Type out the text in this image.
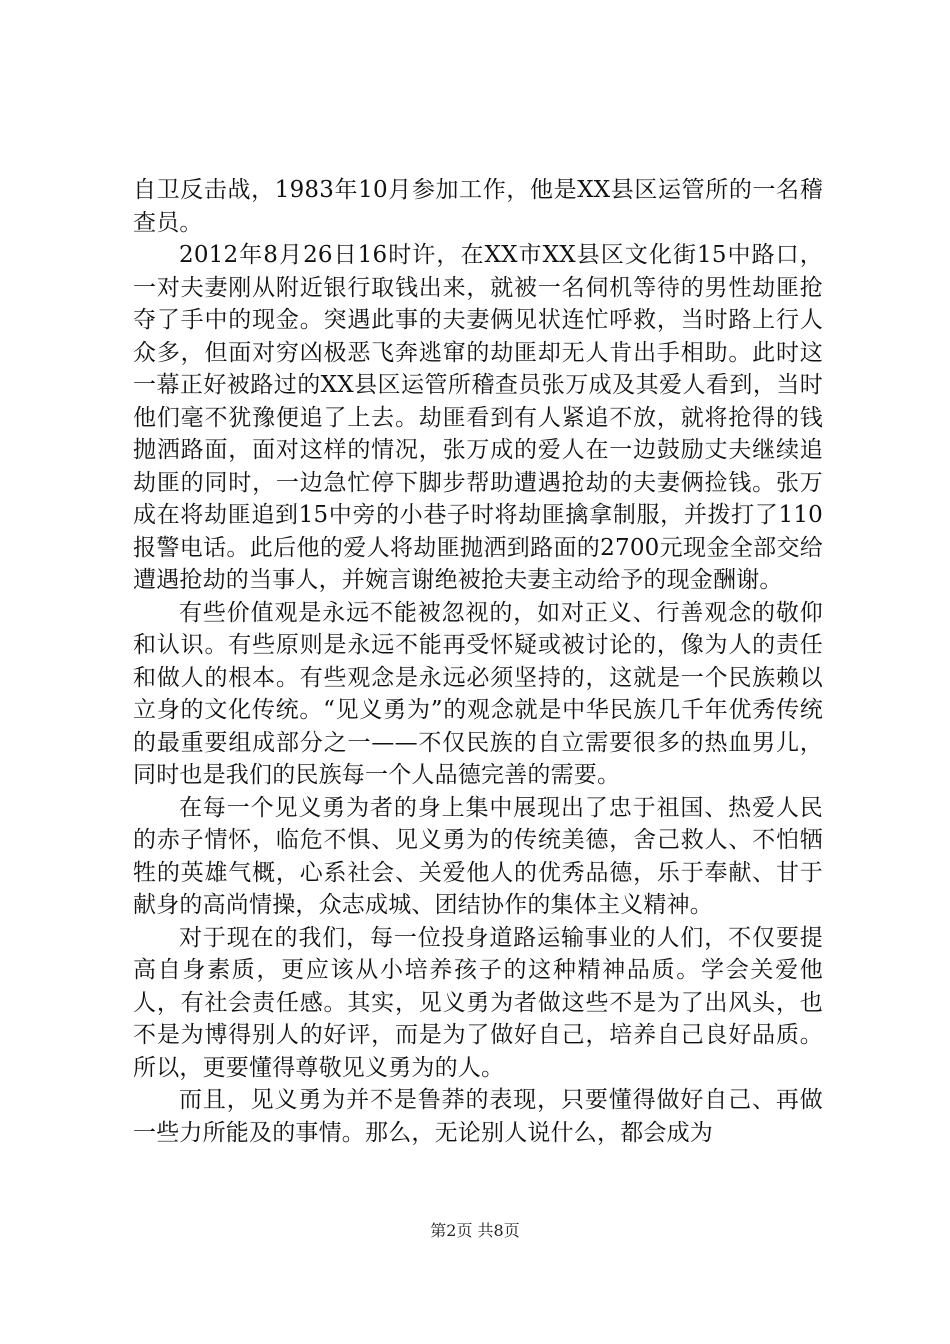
自卫反击战，1983年10月参加工作，他是XX县区运管所的一名稽查员。

2012年8月26日16时许，在XX市XX县区文化街15中路口，一对夫妻刚从附近银行取钱出来，就被一名伺机等待的男性劫匪抢夺了手中的现金。突遇此事的夫妻俩见状连忙呼救，当时路上行人众多，但面对穷凶极恶飞奔逃窜的劫匪却无人肯出手相助。此时这一幕正好被路过的XX县区运管所稽查员张万成及其爱人看到，当时他们毫不犹豫便追了上去。劫匪看到有人紧追不放，就将抢得的钱抛洒路面，面对这样的情况，张万成的爱人在一边鼓励丈夫继续追劫匪的同时，一边急忙停下脚步帮助遭遇抢劫的夫妻俩捡钱。张万成在将劫匪追到15中旁的小巷子时将劫匪擒拿制服，并拨打了110报警电话。此后他的爱人将劫匪抛洒到路面的2700元现金全部交给遭遇抢劫的当事人，并婉言谢绝被抢夫妻主动给予的现金酬谢。

有些价值观是永远不能被忽视的，如对正义、行善观念的敬仰和认识。有些原则是永远不能再受怀疑或被讨论的，像为人的责任和做人的根本。有些观念是永远必须坚持的，这就是一个民族赖以立身的文化传统。“见义勇为”的观念就是中华民族几千年优秀传统的最重要组成部分之一——不仅民族的自立需要很多的热血男儿，同时也是我们的民族每一个人品德完善的需要。

在每一个见义勇为者的身上集中展现出了忠于祖国、热爱人民的赤子情怀，临危不惧、见义勇为的传统美德，舍己救人、不怕牺牲的英雄气概，心系社会、关爱他人的优秀品德，乐于奉献、甘于献身的高尚情操，众志成城、团结协作的集体主义精神。

对于现在的我们，每一位投身道路运输事业的人们，不仅要提高自身素质，更应该从小培养孩子的这种精神品质。学会关爱他人，有社会责任感。其实，见义勇为者做这些不是为了出风头，也不是为博得别人的好评，而是为了做好自己，培养自己良好品质。所以，更要懂得尊敬见义勇为的人。

而且，见义勇为并不是鲁莽的表现，只要懂得做好自己、再做一些力所能及的事情。那么，无论别人说什么，都会成为

第2页 共8页
